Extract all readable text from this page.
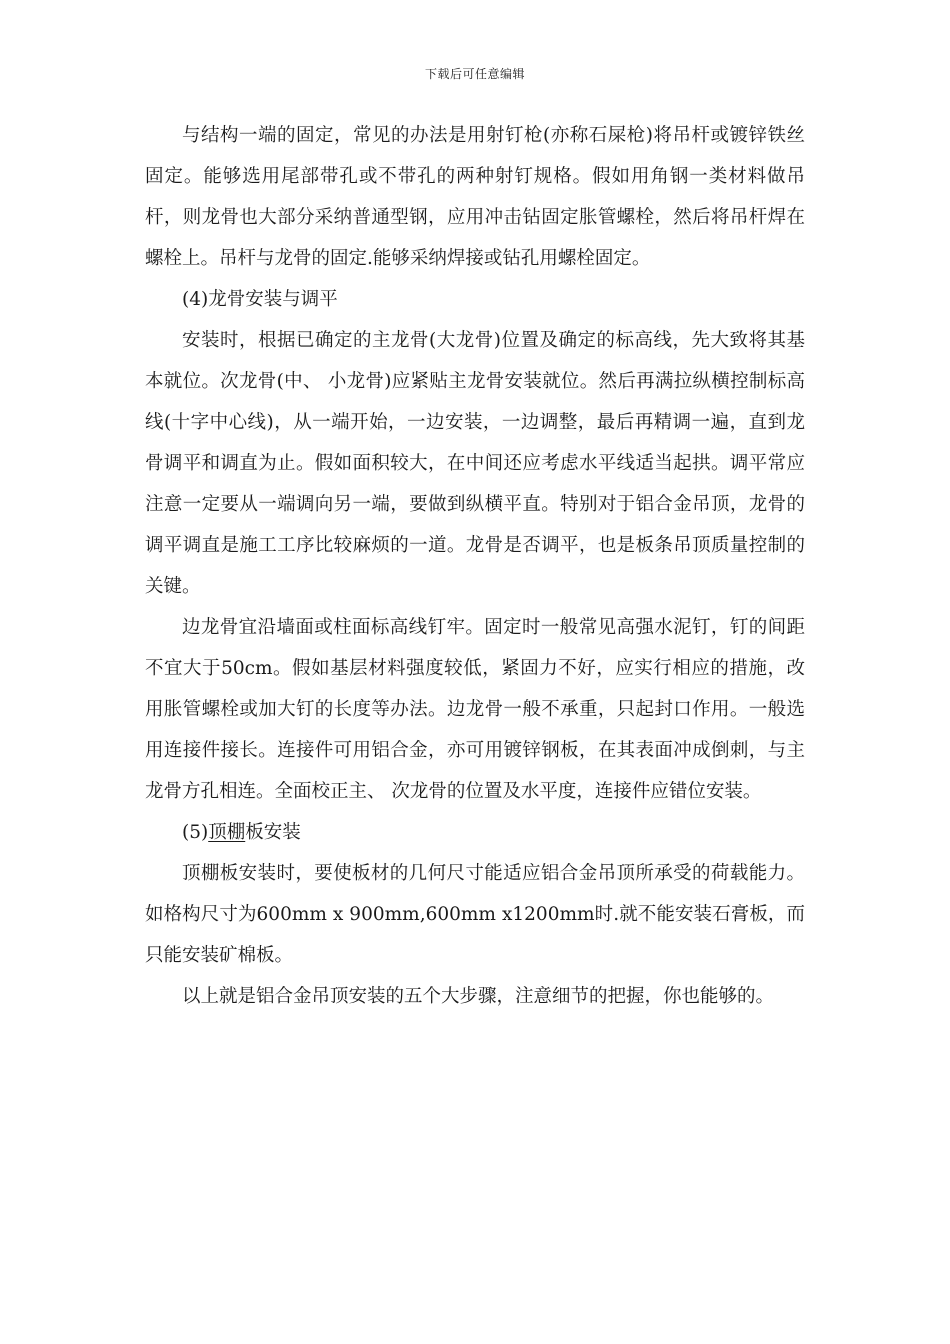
下载后可任意编辑

与结构一端的固定，常见的办法是用射钉枪(亦称石屎枪)将吊杆或镀锌铁丝固定。能够选用尾部带孔或不带孔的两种射钉规格。假如用角钢一类材料做吊杆，则龙骨也大部分采纳普通型钢，应用冲击钻固定胀管螺栓，然后将吊杆焊在螺栓上。吊杆与龙骨的固定.能够采纳焊接或钻孔用螺栓固定。

(4)龙骨安装与调平

安装时，根据已确定的主龙骨(大龙骨)位置及确定的标高线，先大致将其基本就位。次龙骨(中、 小龙骨)应紧贴主龙骨安装就位。然后再满拉纵横控制标高线(十字中心线)，从一端开始，一边安装，一边调整，最后再精调一遍，直到龙骨调平和调直为止。假如面积较大，在中间还应考虑水平线适当起拱。调平常应注意一定要从一端调向另一端，要做到纵横平直。特别对于铝合金吊顶，龙骨的调平调直是施工工序比较麻烦的一道。龙骨是否调平，也是板条吊顶质量控制的关键。

边龙骨宜沿墙面或柱面标高线钉牢。固定时一般常见高强水泥钉，钉的间距不宜大于50cm。假如基层材料强度较低，紧固力不好，应实行相应的措施，改用胀管螺栓或加大钉的长度等办法。边龙骨一般不承重，只起封口作用。一般选用连接件接长。连接件可用铝合金，亦可用镀锌钢板，在其表面冲成倒刺，与主龙骨方孔相连。全面校正主、 次龙骨的位置及水平度，连接件应错位安装。

(5)顶棚板安装

顶棚板安装时，要使板材的几何尺寸能适应铝合金吊顶所承受的荷载能力。如格构尺寸为600mm x 900mm,600mm x1200mm时.就不能安装石膏板，而只能安装矿棉板。

以上就是铝合金吊顶安装的五个大步骤，注意细节的把握，你也能够的。
